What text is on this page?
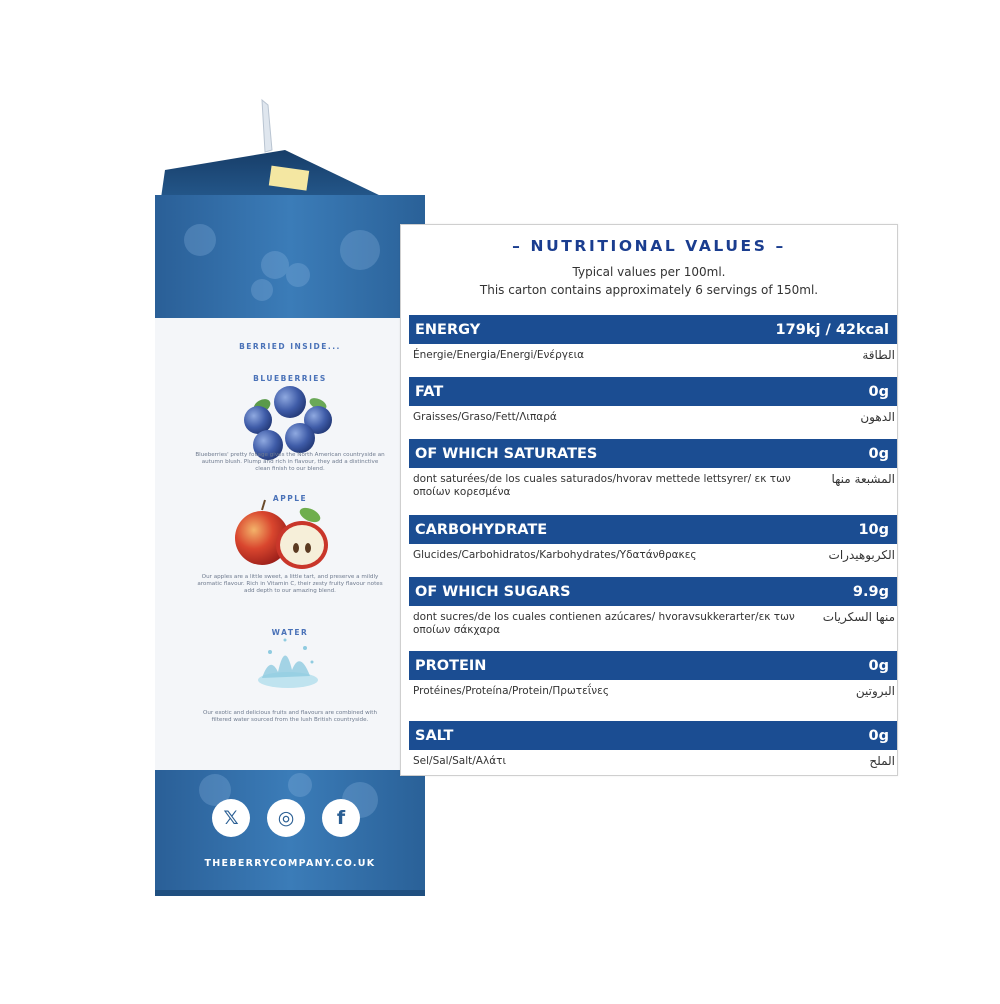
BERRIED INSIDE...
BLUEBERRIES
Blueberries' pretty foliage gives the North American countryside an autumn blush. Plump and rich in flavour, they add a distinctive clean finish to our blend.
APPLE
Our apples are a little sweet, a little tart, and preserve a mildly aromatic flavour. Rich in Vitamin C, their zesty fruity flavour notes add depth to our amazing blend.
WATER
Our exotic and delicious fruits and flavours are combined with filtered water sourced from the lush British countryside.
𝕏	◎	f
THEBERRYCOMPANY.CO.UK
– NUTRITIONAL VALUES –
Typical values per 100ml.
This carton contains approximately 6 servings of 150ml.
ENERGY	179kj / 42kcal
Énergie/Energia/Energi/Ενέργεια	الطاقة
FAT	0g
Graisses/Graso/Fett/Λιπαρά	الدهون
OF WHICH SATURATES	0g
dont saturées/de los cuales saturados/hvorav mettede lettsyrer/ εκ των οποίων κορεσμένα
المشبعة منها
CARBOHYDRATE	10g
Glucides/Carbohidratos/Karbohydrates/Υδατάνθρακες	الكربوهيدرات
OF WHICH SUGARS	9.9g
dont sucres/de los cuales contienen azúcares/ hvoravsukkerarter/εκ των οποίων σάκχαρα
منها السكريات
PROTEIN	0g
Protéines/Proteína/Protein/Πρωτεΐνες	البروتين
SALT	0g
Sel/Sal/Salt/Αλάτι	الملح
